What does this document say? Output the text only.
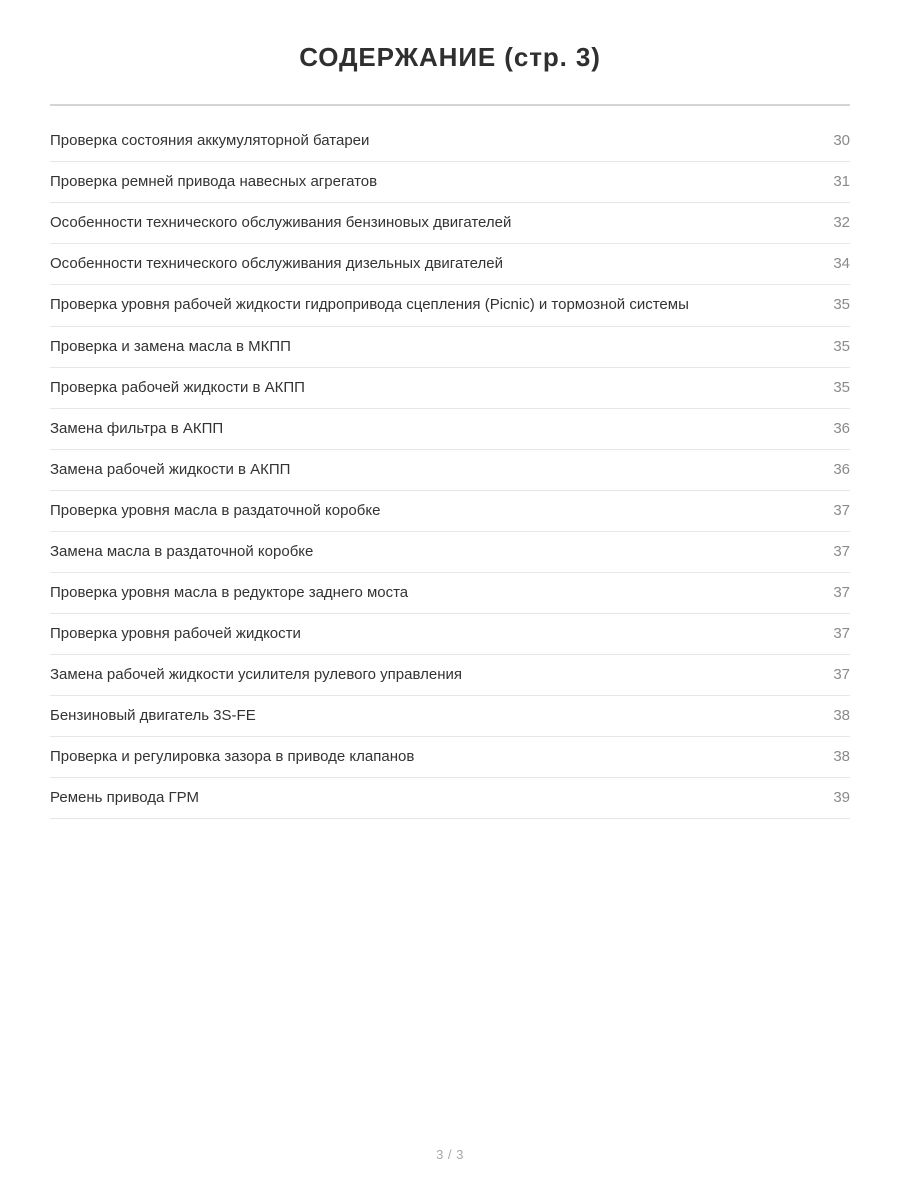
СОДЕРЖАНИЕ (стр. 3)
Проверка состояния аккумуляторной батареи	30
Проверка ремней привода навесных агрегатов	31
Особенности технического обслуживания бензиновых двигателей	32
Особенности технического обслуживания дизельных двигателей	34
Проверка уровня рабочей жидкости гидропривода сцепления (Picnic) и тормозной системы	35
Проверка и замена масла в МКПП	35
Проверка рабочей жидкости в АКПП	35
Замена фильтра в АКПП	36
Замена рабочей жидкости в АКПП	36
Проверка уровня масла в раздаточной коробке	37
Замена масла в раздаточной коробке	37
Проверка уровня масла в редукторе заднего моста	37
Проверка уровня рабочей жидкости	37
Замена рабочей жидкости усилителя рулевого управления	37
Бензиновый двигатель 3S-FE	38
Проверка и регулировка зазора в приводе клапанов	38
Ремень привода ГРМ	39
3 / 3
